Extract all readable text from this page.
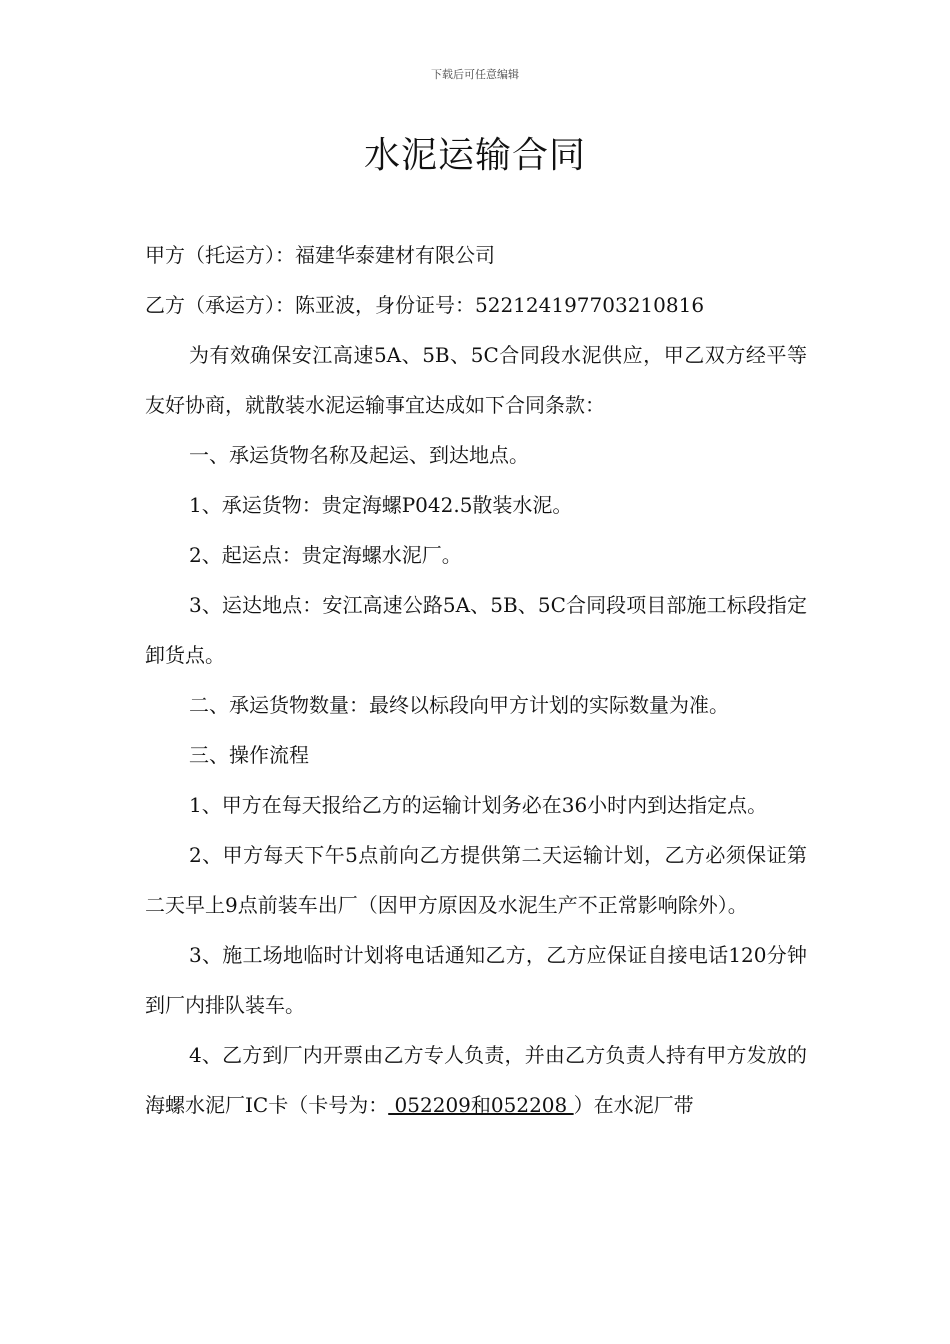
下载后可任意编辑
水泥运输合同

甲方（托运方）：福建华泰建材有限公司

乙方（承运方）：陈亚波，身份证号：522124197703210816

为有效确保安江高速5A、5B、5C合同段水泥供应，甲乙双方经平等友好协商，就散装水泥运输事宜达成如下合同条款：

一、承运货物名称及起运、到达地点。

1、承运货物：贵定海螺P042.5散装水泥。

2、起运点：贵定海螺水泥厂。

3、运达地点：安江高速公路5A、5B、5C合同段项目部施工标段指定卸货点。

二、承运货物数量：最终以标段向甲方计划的实际数量为准。

三、操作流程

1、甲方在每天报给乙方的运输计划务必在36小时内到达指定点。

2、甲方每天下午5点前向乙方提供第二天运输计划，乙方必须保证第二天早上9点前装车出厂（因甲方原因及水泥生产不正常影响除外）。

3、施工场地临时计划将电话通知乙方，乙方应保证自接电话120分钟到厂内排队装车。

4、乙方到厂内开票由乙方专人负责，并由乙方负责人持有甲方发放的海螺水泥厂IC卡（卡号为： 052209和052208 ）在水泥厂带
